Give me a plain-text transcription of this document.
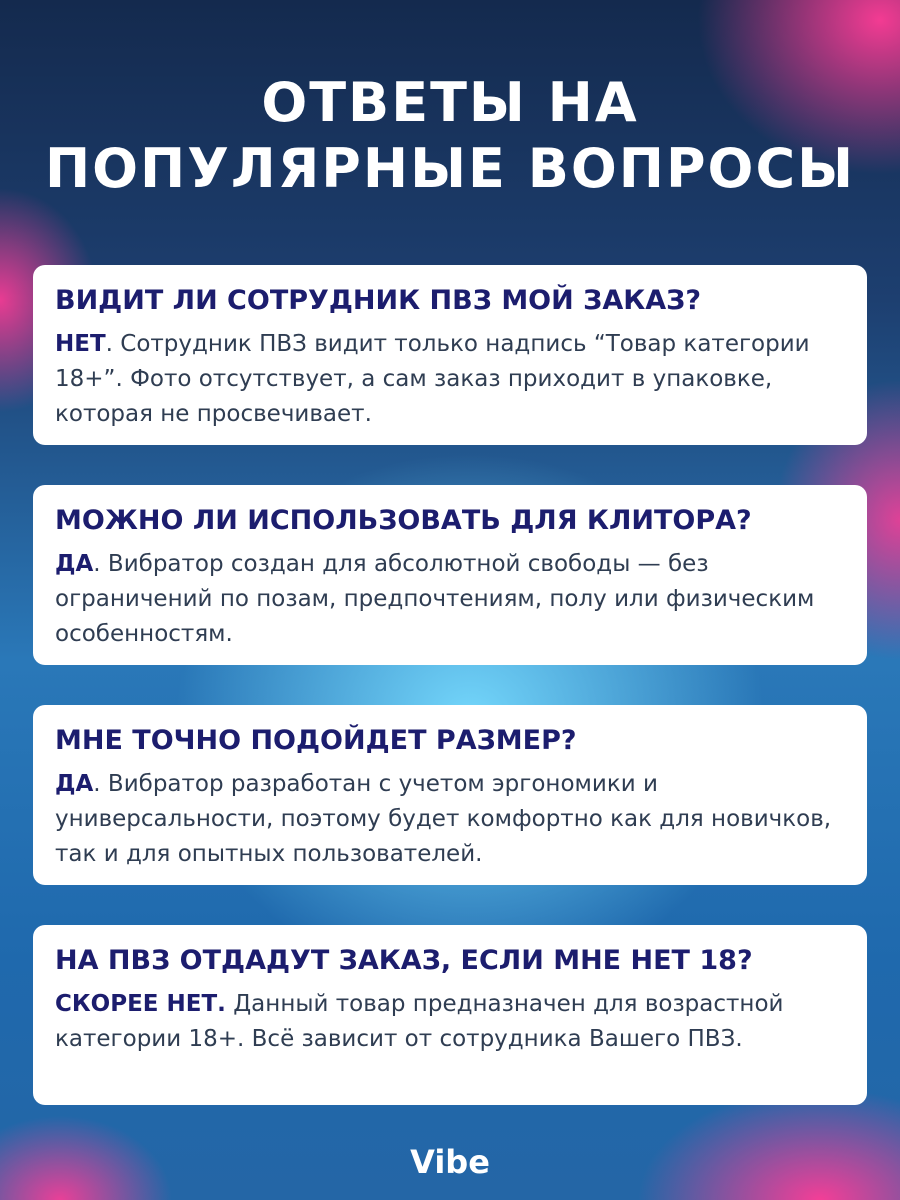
ОТВЕТЫ НА
ПОПУЛЯРНЫЕ ВОПРОСЫ

ВИДИТ ЛИ СОТРУДНИК ПВЗ МОЙ ЗАКАЗ?

НЕТ. Сотрудник ПВЗ видит только надпись “Товар категории 18+”. Фото отсутствует, а сам заказ приходит в упаковке, которая не просвечивает.

МОЖНО ЛИ ИСПОЛЬЗОВАТЬ ДЛЯ КЛИТОРА?

ДА. Вибратор создан для абсолютной свободы — без ограничений по позам, предпочтениям, полу или физическим особенностям.

МНЕ ТОЧНО ПОДОЙДЕТ РАЗМЕР?

ДА. Вибратор разработан с учетом эргономики и универсальности, поэтому будет комфортно как для новичков, так и для опытных пользователей.

НА ПВЗ ОТДАДУТ ЗАКАЗ, ЕСЛИ МНЕ НЕТ 18?

СКОРЕЕ НЕТ. Данный товар предназначен для возрастной категории 18+. Всё зависит от сотрудника Вашего ПВЗ.

Vibe
